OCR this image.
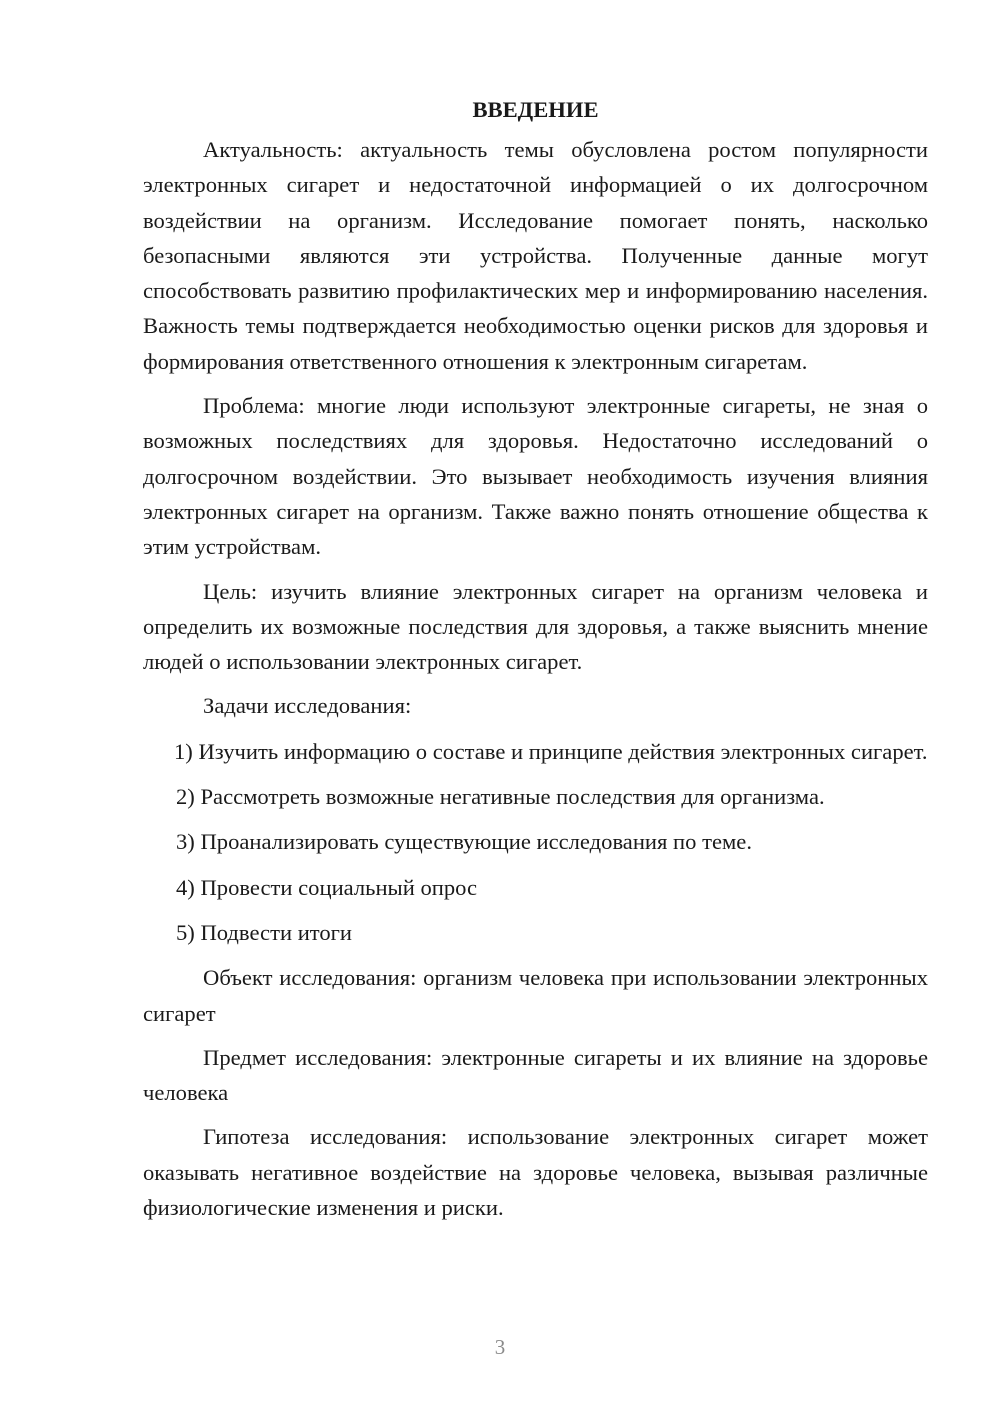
ВВЕДЕНИЕ

Актуальность: актуальность темы обусловлена ростом популярности электронных сигарет и недостаточной информацией о их долгосрочном воздействии на организм. Исследование помогает понять, насколько безопасными являются эти устройства. Полученные данные могут способствовать развитию профилактических мер и информированию населения. Важность темы подтверждается необходимостью оценки рисков для здоровья и формирования ответственного отношения к электронным сигаретам.

Проблема: многие люди используют электронные сигареты, не зная о возможных последствиях для здоровья. Недостаточно исследований о долгосрочном воздействии. Это вызывает необходимость изучения влияния электронных сигарет на организм. Также важно понять отношение общества к этим устройствам.

Цель: изучить влияние электронных сигарет на организм человека и определить их возможные последствия для здоровья, а также выяснить мнение людей о использовании электронных сигарет.

Задачи исследования:

1) Изучить информацию о составе и принципе действия электронных сигарет.

2) Рассмотреть возможные негативные последствия для организма.

3) Проанализировать существующие исследования по теме.

4) Провести социальный опрос

5) Подвести итоги

Объект исследования: организм человека при использовании электронных сигарет

Предмет исследования: электронные сигареты и их влияние на здоровье человека

Гипотеза исследования: использование электронных сигарет может оказывать негативное воздействие на здоровье человека, вызывая различные физиологические изменения и риски.

3
